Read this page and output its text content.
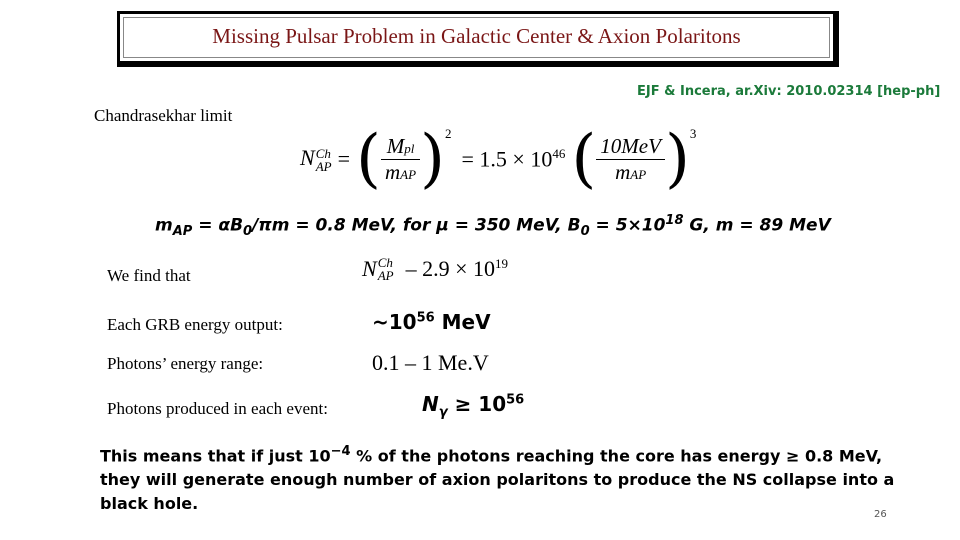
Missing Pulsar Problem in Galactic Center & Axion Polaritons
EJF & Incera, ar.Xiv: 2010.02314 [hep-ph]
Chandrasekhar limit
N Ch
AP = ( $\frac{\text{Mpl}}{\text{mAP}}$ ) 2
= $1.5 \times 10^{46}$ ( $\frac{\text{10MeV}}{\text{mAP}}$ ) 3
$m_{AP} = \alpha B_0/\pi m = 0.8$ MeV, for μ = 350 MeV, $B_0 = 5\times 10^{18}$ G, m = 89 MeV
We find that	N Ch
AP – $2.9 \times 10^{19}$
Each GRB energy output:	$\sim 10^{56}$ MeV
Photons’ energy range:	0.1 – 1 Me.V
Photons produced in each event:	$N_\gamma \ge 10^{56}$
This means that if just $10^{-4}$ % of the photons reaching the core has energy ≥ 0.8 MeV,
they will generate enough number of axion polaritons to produce the NS collapse into a
black hole.
26
